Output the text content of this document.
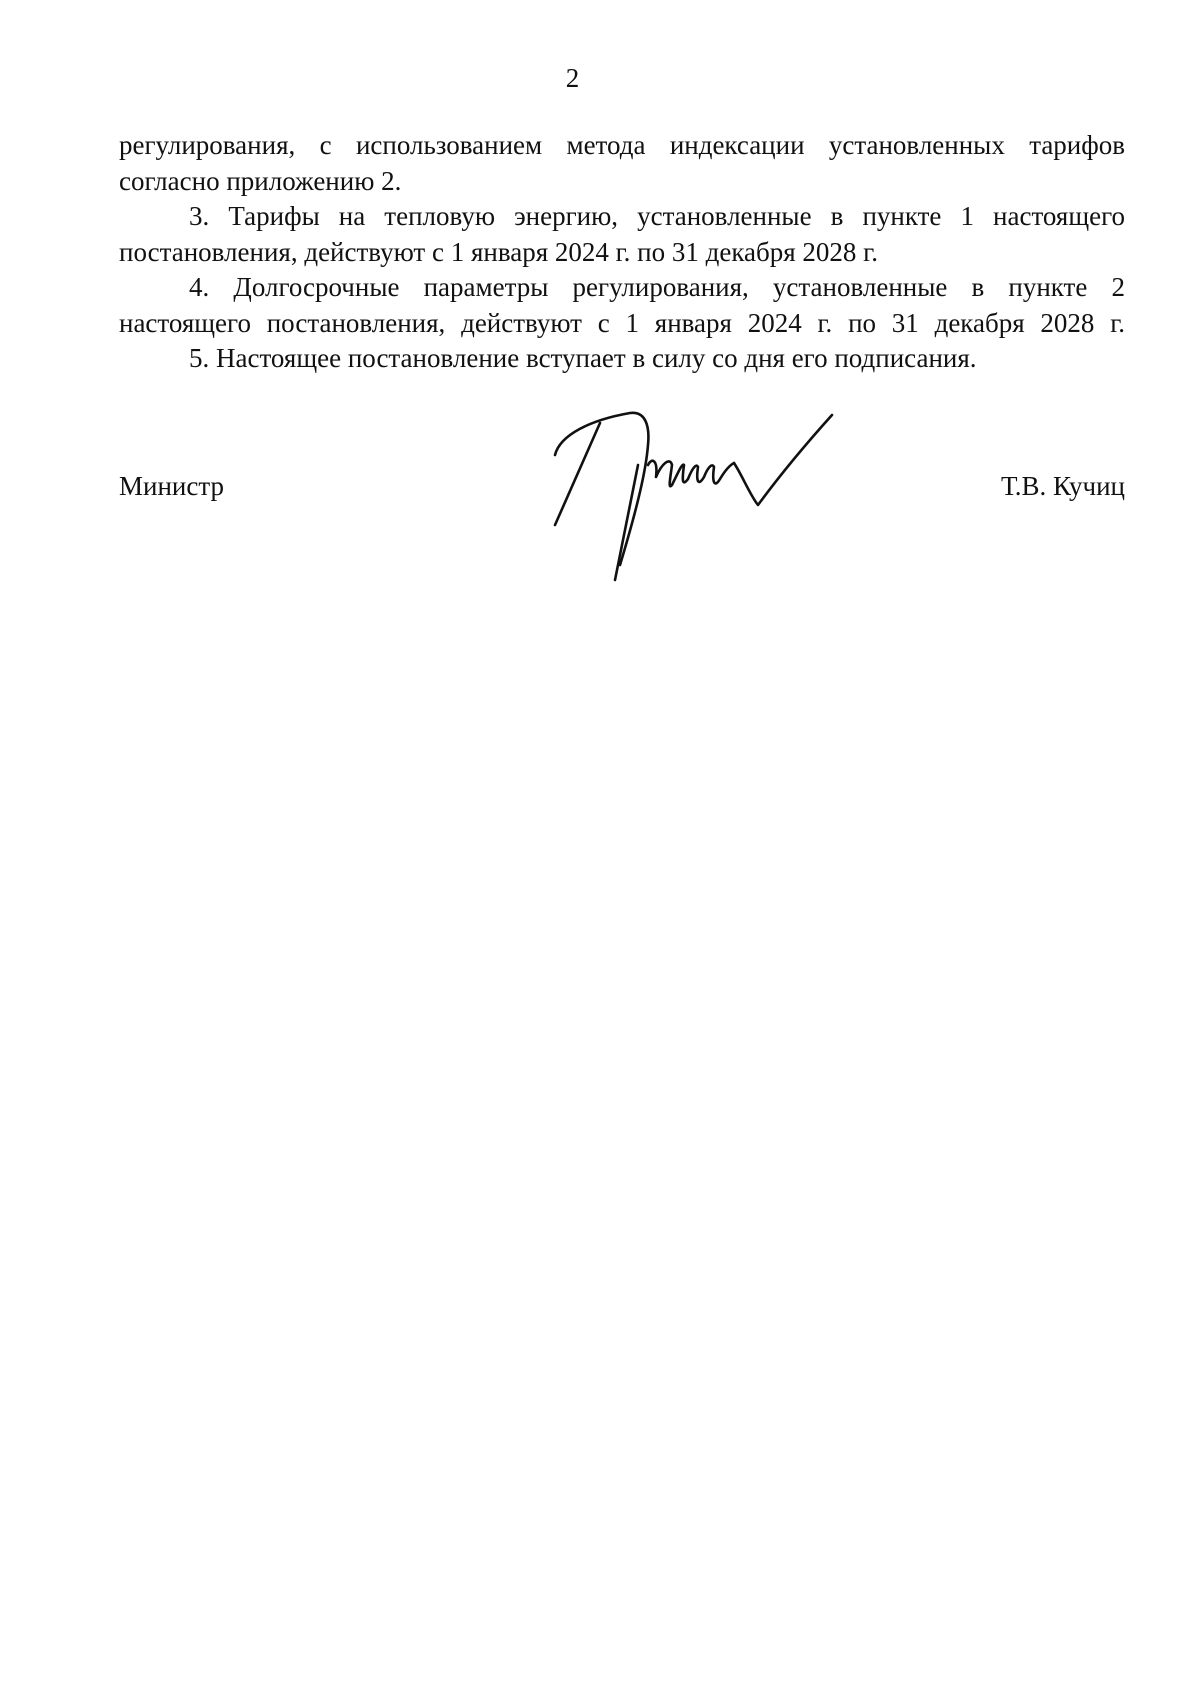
2

регулирования, с использованием метода индексации установленных тарифов
согласно приложению 2.

3. Тарифы на тепловую энергию, установленные в пункте 1 настоящего
постановления, действуют с 1 января 2024 г. по 31 декабря 2028 г.

4. Долгосрочные параметры регулирования, установленные в пункте 2
настоящего постановления, действуют с 1 января 2024 г. по 31 декабря 2028 г.

5. Настоящее постановление вступает в силу со дня его подписания.

Министр	Т.В. Кучиц
